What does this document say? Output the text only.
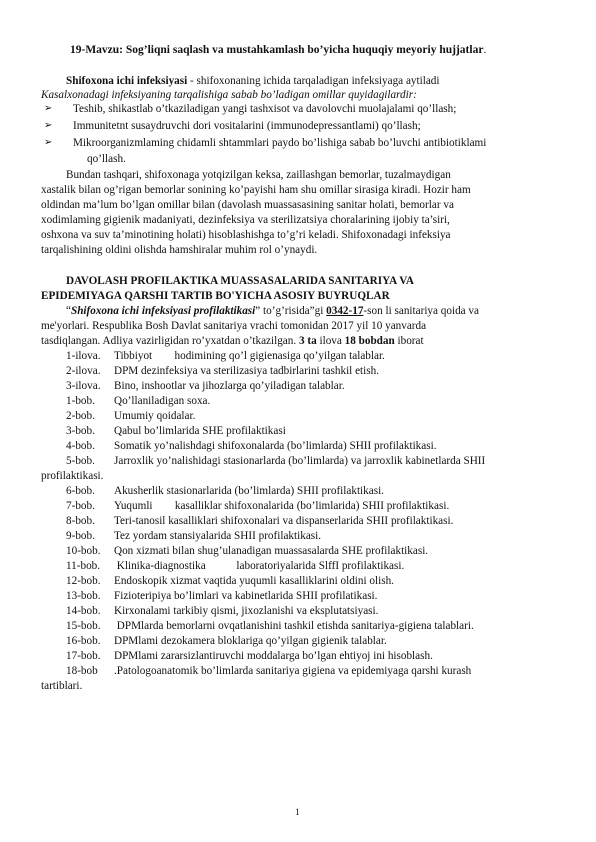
19-Mavzu: Sog’liqni saqlash va mustahkamlash bo’yicha huquqiy meyoriy hujjatlar.
Shifoxona ichi infeksiyasi - shifoxonaning ichida tarqaladigan infeksiyaga aytiladi
Kasalxonadagi infeksiyaning tarqalishiga sabab bo’ladigan omillar quyidagilardir:
➢ Teshib, shikastlab o’tkaziladigan yangi tashxisot va davolovchi muolajalami qo’llash;
➢ Immunitetnt susaydruvchi dori vositalarini (immunodepressantlami) qo’llash;
➢ Mikroorganizmlaming chidamli shtammlari paydo bo’lishiga sabab bo’luvchi antibiotiklami
qo’llash.
Bundan tashqari, shifoxonaga yotqizilgan keksa, zaillashgan bemorlar, tuzalmaydigan
xastalik bilan og’rigan bemorlar sonining ko’payishi ham shu omillar sirasiga kiradi. Hozir ham
oldindan ma’lum bo’lgan omillar bilan (davolash muassasasining sanitar holati, bemorlar va
xodimlaming gigienik madaniyati, dezinfeksiya va sterilizatsiya choralarining ijobiy ta’siri,
oshxona va suv ta’minotining holati) hisoblashishga to’g’ri keladi. Shifoxonadagi infeksiya
tarqalishining oldini olishda hamshiralar muhim rol o’ynaydi.
DAVOLASH PROFILAKTIKA MUASSASALARIDA SANITARIYA VA
EPIDEMIYAGA QARSHI TARTIB BO'YICHA ASOSIY BUYRUQLAR
“Shifoxona ichi infeksiyasi profilaktikasi” to’g’risida”gi 0342-17-son li sanitariya qoida va
me'yorlari. Respublika Bosh Davlat sanitariya vrachi tomonidan 2017 yil 10 yanvarda
tasdiqlangan. Adliya vazirligidan ro’yxatdan o’tkazilgan. 3 ta ilova 18 bobdan iborat
1-ilova. Tibbiyot        hodimining qo’l gigienasiga qo’yilgan talablar.
2-ilova. DPM dezinfeksiya va sterilizasiya tadbirlarini tashkil etish.
3-ilova. Bino, inshootlar va jihozlarga qo’yiladigan talablar.
1-bob. Qo’llaniladigan soxa.
2-bob. Umumiy qoidalar.
3-bob. Qabul bo’limlarida SHE profilaktikasi
4-bob. Somatik yo’nalishdagi shifoxonalarda (bo’limlarda) SHII profilaktikasi.
5-bob. Jarroxlik yo’nalishidagi stasionarlarda (bo’limlarda) va jarroxlik kabinetlarda SHII
profilaktikasi.
6-bob. Akusherlik stasionarlarida (bo’limlarda) SHII profilaktikasi.
7-bob. Yuqumli        kasalliklar shifoxonalarida (bo’limlarida) SHII profilaktikasi.
8-bob. Teri-tanosil kasalliklari shifoxonalari va dispanserlarida SHII profilaktikasi.
9-bob. Tez yordam stansiyalarida SHII profilaktikasi.
10-bob. Qon xizmati bilan shug’ulanadigan muassasalarda SHE profilaktikasi.
11-bob. Klinika-diagnostika           laboratoriyalarida SlffI profilaktikasi.
12-bob. Endoskopik xizmat vaqtida yuqumli kasalliklarini oldini olish.
13-bob. Fizioteripiya bo’limlari va kabinetlarida SHII profilatikasi.
14-bob. Kirxonalami tarkibiy qismi, jixozlanishi va eksplutatsiyasi.
15-bob. DPMlarda bemorlarni ovqatlanishini tashkil etishda sanitariya-gigiena talablari.
16-bob. DPMlami dezokamera bloklariga qo’yilgan gigienik talablar.
17-bob. DPMlami zararsizlantiruvchi moddalarga bo’lgan ehtiyoj ini hisoblash.
18-bob .Patologoanatomik bo’limlarda sanitariya gigiena va epidemiyaga qarshi kurash
tartiblari.
1
